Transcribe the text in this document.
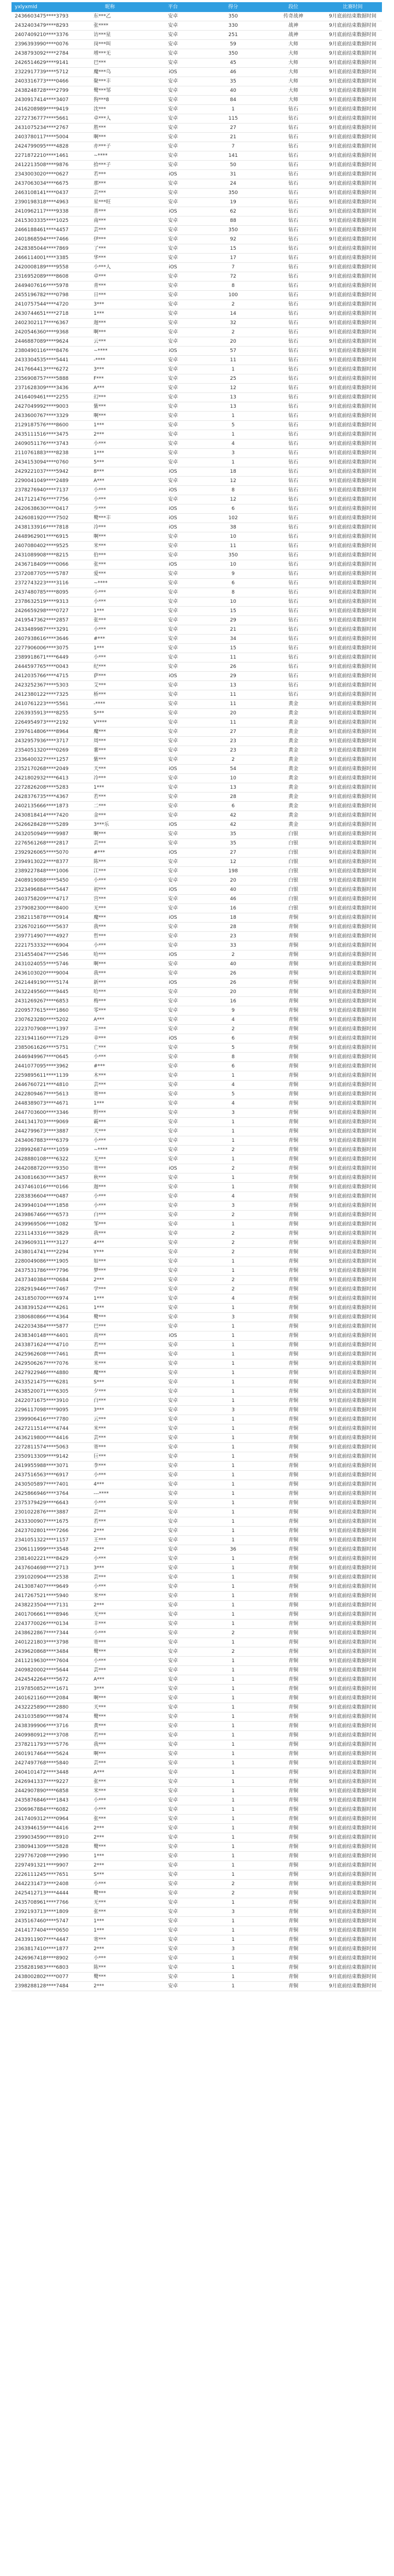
yxlyxmId	昵称	平台	得分	段位	比赛时间
2436603475****3793	东***乙	安卓	350	传奇战神	9月底前结束数据时间
2432403479****8293	张****	安卓	330	战神	9月底前结束数据时间
2407409210****3376	访***星	安卓	251	战神	9月底前结束数据时间
2396393990****0076	岗***叫	安卓	59	大师	9月底前结束数据时间
2438793092****2784	增***无	安卓	350	大师	9月底前结束数据时间
2426514629****9141	巴***	安卓	45	大师	9月底前结束数据时间
2322917739****5712	魔***乌	iOS	46	大师	9月底前结束数据时间
2403316773****0466	聚***丰	安卓	35	大师	9月底前结束数据时间
2438248728****2799	鹭***邹	安卓	40	大师	9月底前结束数据时间
2430917414****3407	狗***8	安卓	84	大师	9月底前结束数据时间
2416208989****9419	沈***	安卓	1	钻石	9月底前结束数据时间
2272736777****5661	卓***人	安卓	115	钻石	9月底前结束数据时间
2431075234****2767	胜***	安卓	27	钻石	9月底前结束数据时间
2403780117****5004	啊***	安卓	21	钻石	9月底前结束数据时间
2424799095****4828	亦***子	安卓	7	钻石	9月底前结束数据时间
2271872210****1461	~****	安卓	141	钻石	9月底前结束数据时间
2412213508****9876	拾***子	安卓	50	钻石	9月底前结束数据时间
2343003020****0627	若***	iOS	31	钻石	9月底前结束数据时间
2437063034****6675	那***	安卓	24	钻石	9月底前结束数据时间
2463108141****0437	芸***	安卓	350	钻石	9月底前结束数据时间
2390198318****4963	星***旺	安卓	19	钻石	9月底前结束数据时间
2410962117****9338	善***	iOS	62	钻石	9月底前结束数据时间
2415303335****1025	南***	安卓	88	钻石	9月底前结束数据时间
2466188461****4457	芸***	安卓	350	钻石	9月底前结束数据时间
2401868594****7466	伊***	安卓	92	钻石	9月底前结束数据时间
2428385044****7869	了***	安卓	15	钻石	9月底前结束数据时间
2466114001****3385	华***	安卓	17	钻石	9月底前结束数据时间
2420008189****9558	小***人	iOS	7	钻石	9月底前结束数据时间
2316952089****8608	卓***	安卓	72	钻石	9月底前结束数据时间
2449407616****5978	青***	安卓	8	钻石	9月底前结束数据时间
2455196782****0798	日***	安卓	100	钻石	9月底前结束数据时间
2410757544****4720	3***	安卓	2	钻石	9月底前结束数据时间
2430744651****2718	1***	安卓	14	钻石	9月底前结束数据时间
2402302117****6367	迦***	安卓	32	钻石	9月底前结束数据时间
2420546360****9368	啊***	安卓	2	钻石	9月底前结束数据时间
2446887089****9624	云***	安卓	20	钻石	9月底前结束数据时间
2380490116****8476	~****	iOS	57	钻石	9月底前结束数据时间
2433304535****5441	-****	安卓	11	钻石	9月底前结束数据时间
2417664413****6272	3***	安卓	1	钻石	9月底前结束数据时间
2356908757****5888	F***	安卓	25	钻石	9月底前结束数据时间
2371628309****3436	A***	安卓	12	钻石	9月底前结束数据时间
2416409461****2255	幻***	安卓	13	钻石	9月底前结束数据时间
2427049992****9003	紫***	安卓	13	钻石	9月底前结束数据时间
2433600767****3329	啊***	安卓	1	钻石	9月底前结束数据时间
2129187576****8600	1***	安卓	5	钻石	9月底前结束数据时间
2435111516****3475	2***	安卓	1	钻石	9月底前结束数据时间
2409051176****3743	小***	安卓	4	钻石	9月底前结束数据时间
2110761883****8238	1***	安卓	3	钻石	9月底前结束数据时间
2434153094****0760	5***	安卓	1	钻石	9月底前结束数据时间
2429221037****5942	8***	iOS	18	钻石	9月底前结束数据时间
2290041049****2489	A***	安卓	12	钻石	9月底前结束数据时间
2378276940****7137	小***	iOS	8	钻石	9月底前结束数据时间
2417121476****7756	小***	安卓	12	钻石	9月底前结束数据时间
2420638630****0417	少***	iOS	6	钻石	9月底前结束数据时间
2426081920****7502	鹭***丰	iOS	102	钻石	9月底前结束数据时间
2438133916****7818	冷***	iOS	38	钻石	9月底前结束数据时间
2448962901****6915	啊***	安卓	10	钻石	9月底前结束数据时间
2407080402****9525	米***	安卓	11	钻石	9月底前结束数据时间
2431089908****8215	伯***	安卓	350	钻石	9月底前结束数据时间
2436718409****0066	张***	iOS	10	钻石	9月底前结束数据时间
2372087705****5787	爱***	安卓	9	钻石	9月底前结束数据时间
2372743223****3116	~****	安卓	6	钻石	9月底前结束数据时间
2437480785****8095	小***	安卓	8	钻石	9月底前结束数据时间
2378632519****9313	小***	安卓	10	钻石	9月底前结束数据时间
2426659298****0727	1***	安卓	15	钻石	9月底前结束数据时间
2419547362****2857	张***	安卓	29	钻石	9月底前结束数据时间
2433489987****3291	小***	安卓	21	钻石	9月底前结束数据时间
2407938616****3646	#***	安卓	34	钻石	9月底前结束数据时间
2277906006****3075	1***	安卓	15	钻石	9月底前结束数据时间
2389918671****6449	小***	安卓	11	钻石	9月底前结束数据时间
2444597765****0043	纪***	安卓	26	钻石	9月底前结束数据时间
2412035766****4715	萨***	iOS	29	钻石	9月底前结束数据时间
2423252367****5303	艾***	安卓	13	钻石	9月底前结束数据时间
2412380122****7325	桥***	安卓	11	钻石	9月底前结束数据时间
2410761223****5561	-****	安卓	11	黄金	9月底前结束数据时间
2263935913****8255	S***	安卓	20	黄金	9月底前结束数据时间
2264954973****2192	V****	安卓	11	黄金	9月底前结束数据时间
2397614806****8964	魔***	安卓	27	黄金	9月底前结束数据时间
2432957936****3717	周***	安卓	23	黄金	9月底前结束数据时间
2354051320****0269	薯***	安卓	23	黄金	9月底前结束数据时间
2336400327****1257	紫***	安卓	2	黄金	9月底前结束数据时间
2352170268****2049	天***	iOS	54	黄金	9月底前结束数据时间
2421802932****6413	冷***	安卓	10	黄金	9月底前结束数据时间
2272826208****5283	1***	安卓	13	黄金	9月底前结束数据时间
2428376735****4367	若***	安卓	28	黄金	9月底前结束数据时间
2402135666****1873	二***	安卓	6	黄金	9月底前结束数据时间
2430818414****7420	金***	安卓	42	黄金	9月底前结束数据时间
2426628428****5289	3***乐	iOS	42	黄金	9月底前结束数据时间
2432050949****9987	啊***	安卓	35	白银	9月底前结束数据时间
2276561268****2817	芸***	安卓	35	白银	9月底前结束数据时间
2392926065****5070	#***	iOS	27	白银	9月底前结束数据时间
2394913022****8377	陈***	安卓	12	白银	9月底前结束数据时间
2389227848****1006	江***	安卓	198	白银	9月底前结束数据时间
2408919088****5450	小***	安卓	20	白银	9月底前结束数据时间
2323496884****5447	初***	iOS	40	白银	9月底前结束数据时间
2403758209****4717	宫***	安卓	46	白银	9月底前结束数据时间
2379082300****8400	无***	安卓	16	白银	9月底前结束数据时间
2382115878****0914	魔***	iOS	18	青铜	9月底前结束数据时间
2326702160****5637	我***	安卓	28	青铜	9月底前结束数据时间
2397714907****4927	哲***	安卓	23	青铜	9月底前结束数据时间
2221753332****6904	小***	安卓	33	青铜	9月底前结束数据时间
2314554047****2546	哈***	iOS	2	青铜	9月底前结束数据时间
2431024055****5746	啊***	安卓	40	青铜	9月底前结束数据时间
2436103020****9004	我***	安卓	26	青铜	9月底前结束数据时间
2421449190****5174	新***	iOS	26	青铜	9月底前结束数据时间
2432249560****9445	哈***	安卓	20	青铜	9月底前结束数据时间
2431269267****6853	梅***	安卓	16	青铜	9月底前结束数据时间
2209577615****1860	零***	安卓	9	青铜	9月底前结束数据时间
2307623280****5202	A***	安卓	4	青铜	9月底前结束数据时间
2223707908****1397	丰***	安卓	2	青铜	9月底前结束数据时间
2231941160****7129	幸***	iOS	6	青铜	9月底前结束数据时间
2385061626****5751	亡***	安卓	5	青铜	9月底前结束数据时间
2446949967****0645	小***	安卓	8	青铜	9月底前结束数据时间
2441077095****3962	#***	安卓	6	青铜	9月底前结束数据时间
2259895611****1139	木***	安卓	1	青铜	9月底前结束数据时间
2446760721****4810	芸***	安卓	4	青铜	9月底前结束数据时间
2422809467****5613	寄***	安卓	5	青铜	9月底前结束数据时间
2448389073****4671	1***	安卓	4	青铜	9月底前结束数据时间
2447703600****3346	野***	安卓	3	青铜	9月底前结束数据时间
2441341703****9069	霸***	安卓	1	青铜	9月底前结束数据时间
2442799673****3887	天***	安卓	1	青铜	9月底前结束数据时间
2434067883****6379	小***	安卓	1	青铜	9月底前结束数据时间
2289926874****1059	~****	安卓	2	青铜	9月底前结束数据时间
2428880108****6322	无***	安卓	1	青铜	9月底前结束数据时间
2442088720****9350	寄***	iOS	2	青铜	9月底前结束数据时间
2430816630****3457	秋***	安卓	1	青铜	9月底前结束数据时间
2437461016****0166	迦***	安卓	1	青铜	9月底前结束数据时间
2283836604****0487	小***	安卓	4	青铜	9月底前结束数据时间
2439940104****1858	小***	安卓	3	青铜	9月底前结束数据时间
2439867466****6573	白***	安卓	2	青铜	9月底前结束数据时间
2439969506****1082	邹***	安卓	1	青铜	9月底前结束数据时间
2231143316****3829	我***	安卓	2	青铜	9月底前结束数据时间
2439609311****3127	4***	安卓	2	青铜	9月底前结束数据时间
2438014741****2294	Y***	安卓	2	青铜	9月底前结束数据时间
2280049086****1905	如***	安卓	1	青铜	9月底前结束数据时间
2437531786****7796	梦***	安卓	1	青铜	9月底前结束数据时间
2437340384****0684	2***	安卓	2	青铜	9月底前结束数据时间
2282919446****7467	学***	安卓	2	青铜	9月底前结束数据时间
2431850700****6974	1***	安卓	4	青铜	9月底前结束数据时间
2438391524****4261	1***	安卓	1	青铜	9月底前结束数据时间
2380680866****4364	鹭***	安卓	3	青铜	9月底前结束数据时间
2422034384****5877	巴***	安卓	1	青铜	9月底前结束数据时间
2438340148****4401	高***	iOS	1	青铜	9月底前结束数据时间
2433871624****4710	若***	安卓	1	青铜	9月底前结束数据时间
2425962608****7461	黄***	安卓	1	青铜	9月底前结束数据时间
2429506267****7076	米***	安卓	1	青铜	9月底前结束数据时间
2427922946****4880	魔***	安卓	1	青铜	9月底前结束数据时间
2433521475****6281	S***	安卓	1	青铜	9月底前结束数据时间
2438520071****6305	夕***	安卓	1	青铜	9月底前结束数据时间
2422071675****3910	白***	安卓	1	青铜	9月底前结束数据时间
2296117098****9095	3***	安卓	3	青铜	9月底前结束数据时间
2399906416****7780	云***	安卓	1	青铜	9月底前结束数据时间
2427211514****4744	米***	安卓	1	青铜	9月底前结束数据时间
2436219800****4416	芸***	安卓	1	青铜	9月底前结束数据时间
2272811574****5063	寄***	安卓	1	青铜	9月底前结束数据时间
2350913309****9142	巨***	安卓	1	青铜	9月底前结束数据时间
2419955988****3071	李***	安卓	1	青铜	9月底前结束数据时间
2437516563****6917	小***	安卓	1	青铜	9月底前结束数据时间
2430505897****7401	4***	安卓	1	青铜	9月底前结束数据时间
2425866946****3764	---****	安卓	1	青铜	9月底前结束数据时间
2375379429****6643	小***	安卓	1	青铜	9月底前结束数据时间
2301022876****3887	芸***	安卓	1	青铜	9月底前结束数据时间
2433300907****1675	若***	安卓	1	青铜	9月底前结束数据时间
2423702801****7266	2***	安卓	1	青铜	9月底前结束数据时间
2341051322****1157	王***	安卓	1	青铜	9月底前结束数据时间
2306111999****3548	2***	安卓	36	青铜	9月底前结束数据时间
2381402221****8429	小***	安卓	1	青铜	9月底前结束数据时间
2437604698****2713	3***	安卓	1	青铜	9月底前结束数据时间
2391020904****2538	芸***	安卓	1	青铜	9月底前结束数据时间
2413087407****9649	小***	安卓	1	青铜	9月底前结束数据时间
2417267521****5940	米***	安卓	1	青铜	9月底前结束数据时间
2438223504****7131	2***	安卓	1	青铜	9月底前结束数据时间
2401706661****8946	无***	安卓	1	青铜	9月底前结束数据时间
2243770026****0134	丰***	安卓	1	青铜	9月底前结束数据时间
2438622867****7344	小***	安卓	2	青铜	9月底前结束数据时间
2401221803****3798	寄***	安卓	1	青铜	9月底前结束数据时间
2439620868****3484	鹭***	安卓	2	青铜	9月底前结束数据时间
2411219630****7604	小***	安卓	1	青铜	9月底前结束数据时间
2409820002****5644	芸***	安卓	1	青铜	9月底前结束数据时间
2424542264****5672	A***	安卓	1	青铜	9月底前结束数据时间
2197850852****1671	3***	安卓	1	青铜	9月底前结束数据时间
2401621160****2084	啊***	安卓	1	青铜	9月底前结束数据时间
2432225890****2880	天***	安卓	1	青铜	9月底前结束数据时间
2431035890****9874	鹭***	安卓	1	青铜	9月底前结束数据时间
2438399906****3716	黄***	安卓	1	青铜	9月底前结束数据时间
2409980912****3708	若***	安卓	1	青铜	9月底前结束数据时间
2378211793****5776	我***	安卓	1	青铜	9月底前结束数据时间
2401917464****5624	啊***	安卓	1	青铜	9月底前结束数据时间
2427497768****5840	芸***	安卓	1	青铜	9月底前结束数据时间
2404101472****3448	A***	安卓	1	青铜	9月底前结束数据时间
2426941337****9227	张***	安卓	1	青铜	9月底前结束数据时间
2442907890****6858	米***	安卓	1	青铜	9月底前结束数据时间
2435876846****1843	小***	安卓	1	青铜	9月底前结束数据时间
2306967884****6082	小***	安卓	1	青铜	9月底前结束数据时间
2417409312****0964	张***	安卓	1	青铜	9月底前结束数据时间
2433946159****4416	2***	安卓	1	青铜	9月底前结束数据时间
2399034590****8910	2***	安卓	1	青铜	9月底前结束数据时间
2380941309****5828	鹭***	安卓	1	青铜	9月底前结束数据时间
2297767208****2990	1***	安卓	1	青铜	9月底前结束数据时间
2297491321****9907	2***	安卓	1	青铜	9月底前结束数据时间
2226111245****7651	S***	安卓	1	青铜	9月底前结束数据时间
2442231473****2408	小***	安卓	2	青铜	9月底前结束数据时间
2425412713****4444	鹭***	安卓	2	青铜	9月底前结束数据时间
2435708961****7766	无***	安卓	1	青铜	9月底前结束数据时间
2392193713****1809	张***	安卓	3	青铜	9月底前结束数据时间
2435167460****5747	1***	安卓	1	青铜	9月底前结束数据时间
2414177404****0650	1***	安卓	1	青铜	9月底前结束数据时间
2433911907****4447	寄***	安卓	1	青铜	9月底前结束数据时间
2363817410****1877	2***	安卓	3	青铜	9月底前结束数据时间
2426967418****8902	小***	安卓	1	青铜	9月底前结束数据时间
2358281983****6803	陈***	安卓	1	青铜	9月底前结束数据时间
2438002802****0077	鹭***	安卓	1	青铜	9月底前结束数据时间
2398288128****7484	2***	安卓	1	青铜	9月底前结束数据时间
